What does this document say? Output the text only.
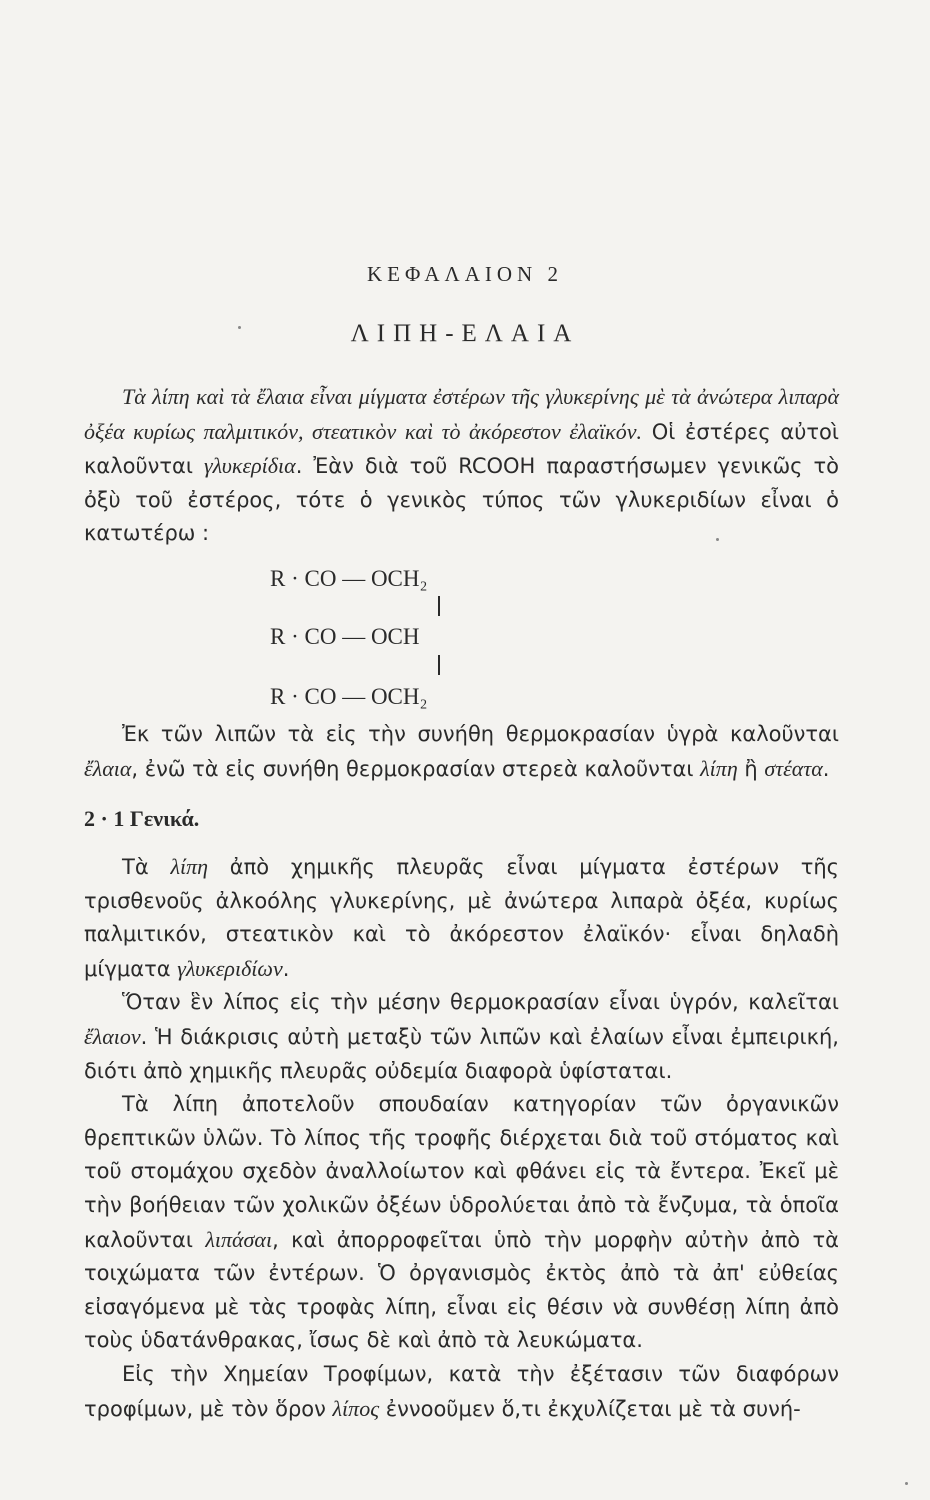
ΚΕΦΑΛΑΙΟΝ 2
ΛΙΠΗ-ΕΛΑΙΑ

Τὰ λίπη καὶ τὰ ἔλαια εἶναι μίγματα ἐστέρων τῆς γλυκερίνης μὲ τὰ ἀνώτερα λιπαρὰ ὀξέα κυρίως παλμιτικόν, στεατικὸν καὶ τὸ ἀκόρεστον ἐλαϊκόν. Οἱ ἐστέρες αὐτοὶ καλοῦνται γλυκερίδια. Ἐὰν διὰ τοῦ RCOOH παραστήσωμεν γενικῶς τὸ ὀξὺ τοῦ ἐστέρος, τότε ὁ γενικὸς τύπος τῶν γλυκεριδίων εἶναι ὁ κατωτέρω :

R · CO — OCH₂
R · CO — OCH
R · CO — OCH₂

Ἐκ τῶν λιπῶν τὰ εἰς τὴν συνήθη θερμοκρασίαν ὑγρὰ καλοῦνται ἔλαια, ἐνῶ τὰ εἰς συνήθη θερμοκρασίαν στερεὰ καλοῦνται λίπη ἢ στέατα.

2 · 1 Γενικά.

Τὰ λίπη ἀπὸ χημικῆς πλευρᾶς εἶναι μίγματα ἐστέρων τῆς τρισθενοῦς ἀλκοόλης γλυκερίνης, μὲ ἀνώτερα λιπαρὰ ὀξέα, κυρίως παλμιτικόν, στεατικὸν καὶ τὸ ἀκόρεστον ἐλαϊκόν· εἶναι δηλαδὴ μίγματα γλυκεριδίων.

Ὅταν ἓν λίπος εἰς τὴν μέσην θερμοκρασίαν εἶναι ὑγρόν, καλεῖται ἔλαιον. Ἡ διάκρισις αὐτὴ μεταξὺ τῶν λιπῶν καὶ ἐλαίων εἶναι ἐμπειρική, διότι ἀπὸ χημικῆς πλευρᾶς οὐδεμία διαφορὰ ὑφίσταται.

Τὰ λίπη ἀποτελοῦν σπουδαίαν κατηγορίαν τῶν ὀργανικῶν θρεπτικῶν ὑλῶν. Τὸ λίπος τῆς τροφῆς διέρχεται διὰ τοῦ στόματος καὶ τοῦ στομάχου σχεδὸν ἀναλλοίωτον καὶ φθάνει εἰς τὰ ἔντερα. Ἐκεῖ μὲ τὴν βοήθειαν τῶν χολικῶν ὀξέων ὑδρολύεται ἀπὸ τὰ ἔνζυμα, τὰ ὁποῖα καλοῦνται λιπάσαι, καὶ ἀπορροφεῖται ὑπὸ τὴν μορφὴν αὐτὴν ἀπὸ τὰ τοιχώματα τῶν ἐντέρων. Ὁ ὀργανισμὸς ἐκτὸς ἀπὸ τὰ ἀπ' εὐθείας εἰσαγόμενα μὲ τὰς τροφὰς λίπη, εἶναι εἰς θέσιν νὰ συνθέσῃ λίπη ἀπὸ τοὺς ὑδατάνθρακας, ἴσως δὲ καὶ ἀπὸ τὰ λευκώματα.

Εἰς τὴν Χημείαν Τροφίμων, κατὰ τὴν ἐξέτασιν τῶν διαφόρων τροφίμων, μὲ τὸν ὅρον λίπος ἐννοοῦμεν ὅ,τι ἐκχυλίζεται μὲ τὰ συνή-
